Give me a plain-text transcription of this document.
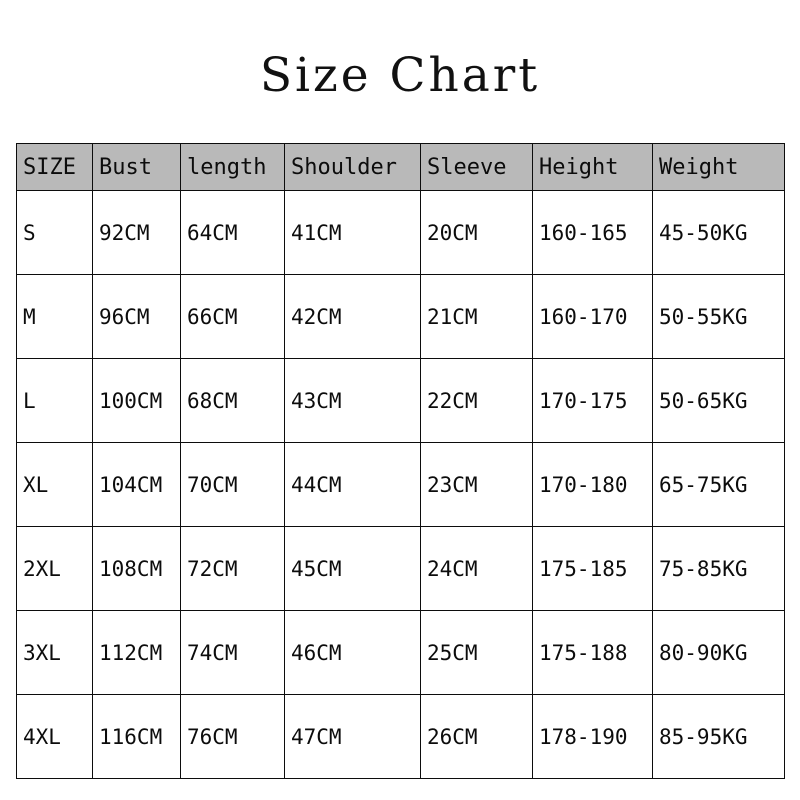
Size Chart
SIZE	Bust	length	Shoulder	Sleeve	Height	Weight
S	92CM	64CM	41CM	20CM	160-165	45-50KG
M	96CM	66CM	42CM	21CM	160-170	50-55KG
L	100CM	68CM	43CM	22CM	170-175	50-65KG
XL	104CM	70CM	44CM	23CM	170-180	65-75KG
2XL	108CM	72CM	45CM	24CM	175-185	75-85KG
3XL	112CM	74CM	46CM	25CM	175-188	80-90KG
4XL	116CM	76CM	47CM	26CM	178-190	85-95KG
